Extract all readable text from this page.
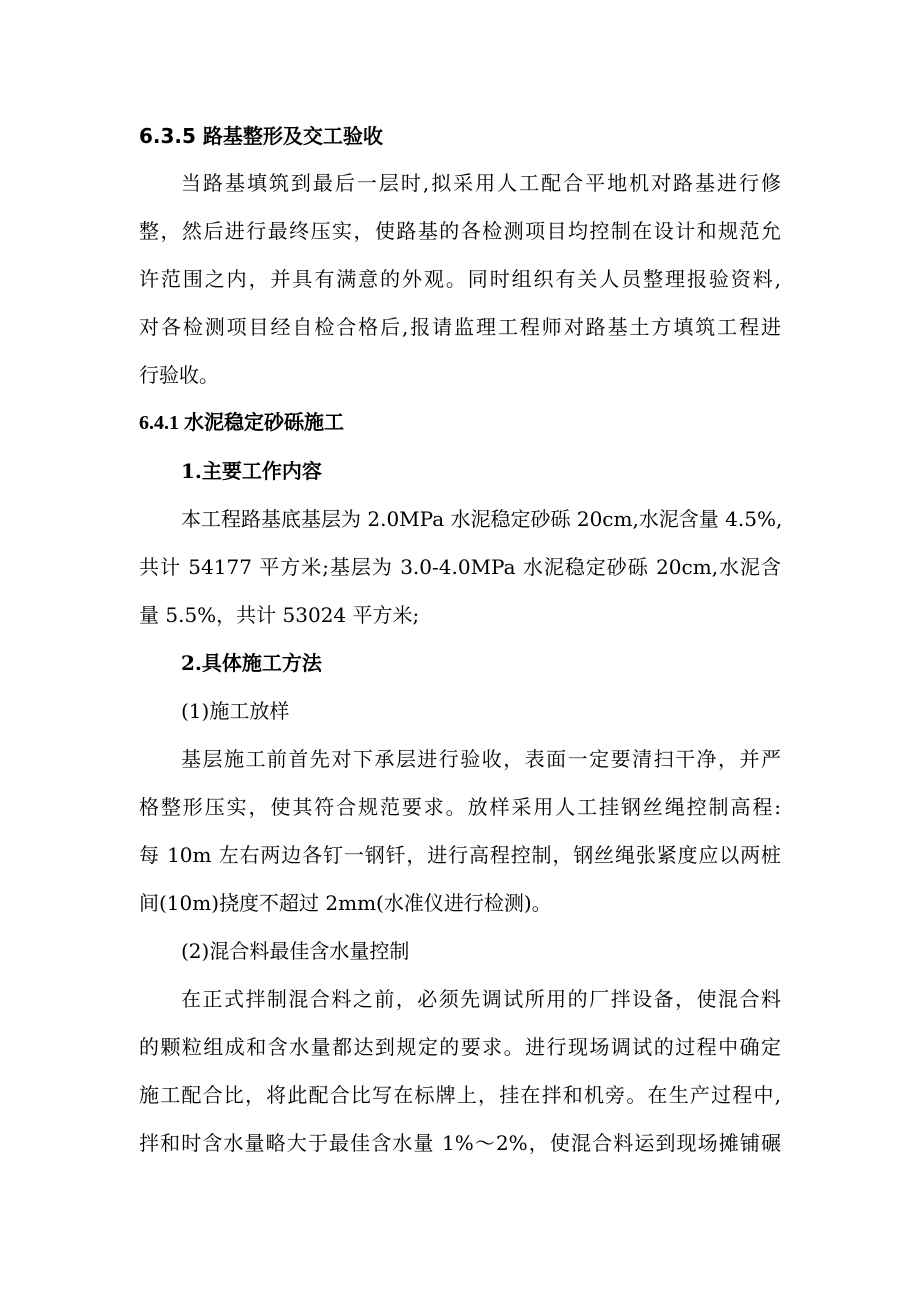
6.3.5 路基整形及交工验收
当路基填筑到最后一层时,拟采用人工配合平地机对路基进行修
整，然后进行最终压实，使路基的各检测项目均控制在设计和规范允
许范围之内，并具有满意的外观。同时组织有关人员整理报验资料,
对各检测项目经自检合格后,报请监理工程师对路基土方填筑工程进
行验收。
6.4.1 水泥稳定砂砾施工
1.主要工作内容
本工程路基底基层为 2.0MPa 水泥稳定砂砾 20cm,水泥含量 4.5%,
共计 54177 平方米;基层为 3.0-4.0MPa 水泥稳定砂砾 20cm,水泥含
量 5.5%，共计 53024 平方米;
2.具体施工方法
(1)施工放样
基层施工前首先对下承层进行验收，表面一定要清扫干净，并严
格整形压实，使其符合规范要求。放样采用人工挂钢丝绳控制高程:
每 10m 左右两边各钉一钢钎，进行高程控制，钢丝绳张紧度应以两桩
间(10m)挠度不超过 2mm(水准仪进行检测)。
(2)混合料最佳含水量控制
在正式拌制混合料之前，必须先调试所用的厂拌设备，使混合料
的颗粒组成和含水量都达到规定的要求。进行现场调试的过程中确定
施工配合比，将此配合比写在标牌上，挂在拌和机旁。在生产过程中,
拌和时含水量略大于最佳含水量 1%～2%，使混合料运到现场摊铺碾
